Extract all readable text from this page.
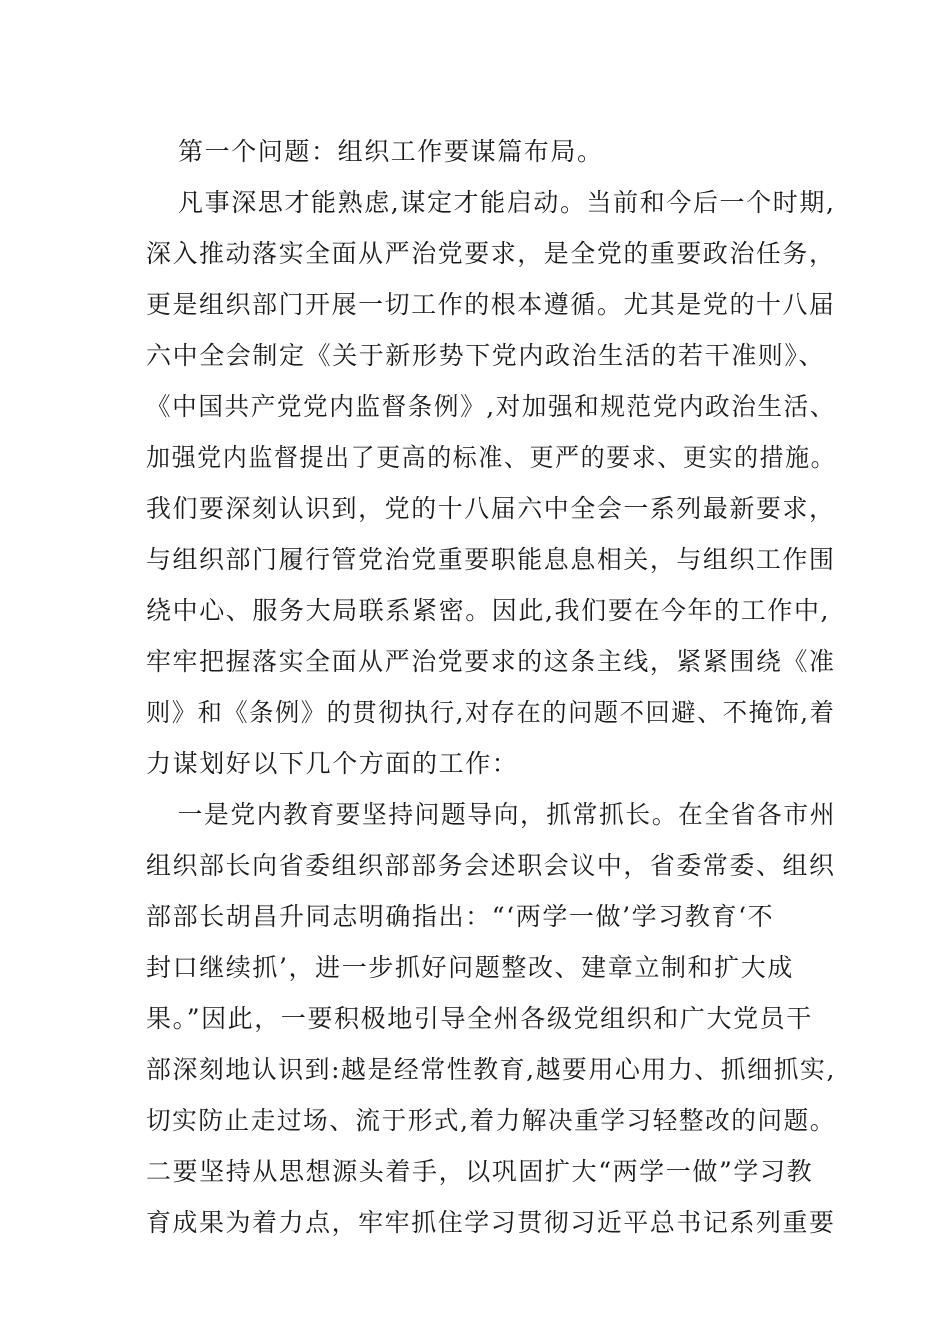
第一个问题：组织工作要谋篇布局。
凡事深思才能熟虑,谋定才能启动。当前和今后一个时期,
深入推动落实全面从严治党要求，是全党的重要政治任务，
更是组织部门开展一切工作的根本遵循。尤其是党的十八届
六中全会制定《关于新形势下党内政治生活的若干准则》、
《中国共产党党内监督条例》,对加强和规范党内政治生活、
加强党内监督提出了更高的标准、更严的要求、更实的措施。
我们要深刻认识到，党的十八届六中全会一系列最新要求，
与组织部门履行管党治党重要职能息息相关，与组织工作围
绕中心、服务大局联系紧密。因此,我们要在今年的工作中,
牢牢把握落实全面从严治党要求的这条主线，紧紧围绕《准
则》和《条例》的贯彻执行,对存在的问题不回避、不掩饰,着
力谋划好以下几个方面的工作：
一是党内教育要坚持问题导向，抓常抓长。在全省各市州
组织部长向省委组织部部务会述职会议中，省委常委、组织
部部长胡昌升同志明确指出：“‘两学一做’学习教育‘不
封口继续抓’，进一步抓好问题整改、建章立制和扩大成
果。”因此，一要积极地引导全州各级党组织和广大党员干
部深刻地认识到:越是经常性教育,越要用心用力、抓细抓实,
切实防止走过场、流于形式,着力解决重学习轻整改的问题。
二要坚持从思想源头着手，以巩固扩大“两学一做”学习教
育成果为着力点，牢牢抓住学习贯彻习近平总书记系列重要
